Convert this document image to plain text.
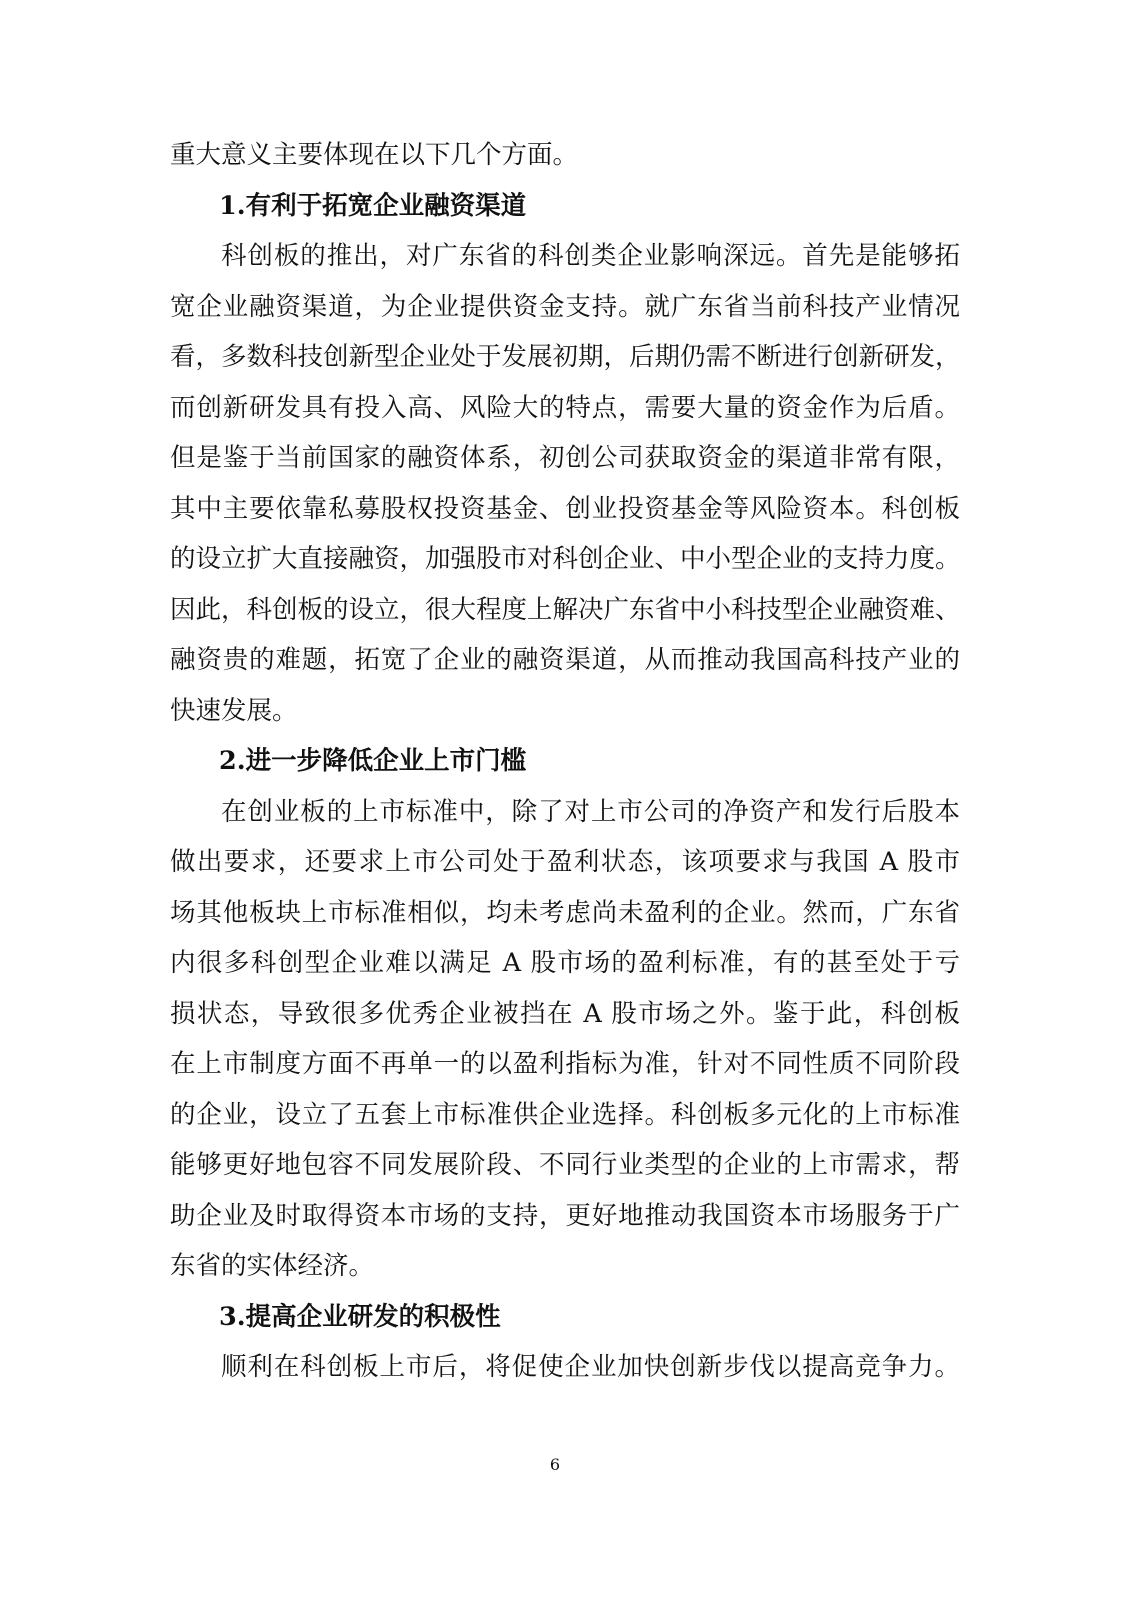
重大意义主要体现在以下几个方面。
1.有利于拓宽企业融资渠道
科创板的推出，对广东省的科创类企业影响深远。首先是能够拓
宽企业融资渠道，为企业提供资金支持。就广东省当前科技产业情况
看，多数科技创新型企业处于发展初期，后期仍需不断进行创新研发，
而创新研发具有投入高、风险大的特点，需要大量的资金作为后盾。
但是鉴于当前国家的融资体系，初创公司获取资金的渠道非常有限，
其中主要依靠私募股权投资基金、创业投资基金等风险资本。科创板
的设立扩大直接融资，加强股市对科创企业、中小型企业的支持力度。
因此，科创板的设立，很大程度上解决广东省中小科技型企业融资难、
融资贵的难题，拓宽了企业的融资渠道，从而推动我国高科技产业的
快速发展。
2.进一步降低企业上市门槛
在创业板的上市标准中，除了对上市公司的净资产和发行后股本
做出要求，还要求上市公司处于盈利状态，该项要求与我国 A 股市
场其他板块上市标准相似，均未考虑尚未盈利的企业。然而，广东省
内很多科创型企业难以满足 A 股市场的盈利标准，有的甚至处于亏
损状态，导致很多优秀企业被挡在 A 股市场之外。鉴于此，科创板
在上市制度方面不再单一的以盈利指标为准，针对不同性质不同阶段
的企业，设立了五套上市标准供企业选择。科创板多元化的上市标准
能够更好地包容不同发展阶段、不同行业类型的企业的上市需求，帮
助企业及时取得资本市场的支持，更好地推动我国资本市场服务于广
东省的实体经济。
3.提高企业研发的积极性
顺利在科创板上市后，将促使企业加快创新步伐以提高竞争力。
6
